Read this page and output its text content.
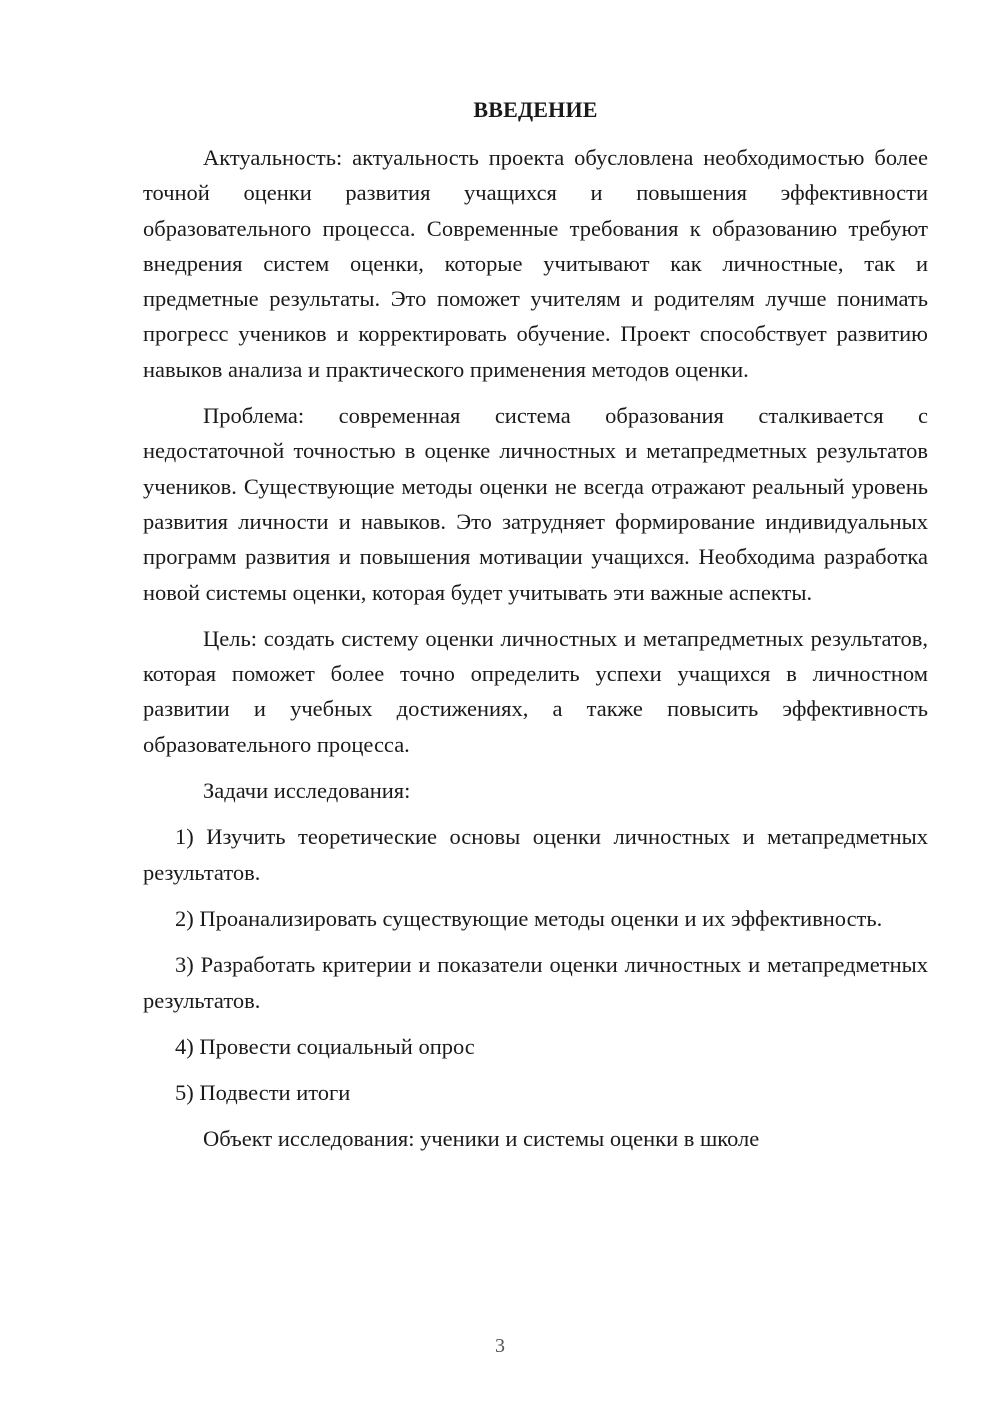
ВВЕДЕНИЕ

Актуальность: актуальность проекта обусловлена необходимостью более точной оценки развития учащихся и повышения эффективности образовательного процесса. Современные требования к образованию требуют внедрения систем оценки, которые учитывают как личностные, так и предметные результаты. Это поможет учителям и родителям лучше понимать прогресс учеников и корректировать обучение. Проект способствует развитию навыков анализа и практического применения методов оценки.

Проблема: современная система образования сталкивается с недостаточной точностью в оценке личностных и метапредметных результатов учеников. Существующие методы оценки не всегда отражают реальный уровень развития личности и навыков. Это затрудняет формирование индивидуальных программ развития и повышения мотивации учащихся. Необходима разработка новой системы оценки, которая будет учитывать эти важные аспекты.

Цель: создать систему оценки личностных и метапредметных результатов, которая поможет более точно определить успехи учащихся в личностном развитии и учебных достижениях, а также повысить эффективность образовательного процесса.

Задачи исследования:

1) Изучить теоретические основы оценки личностных и метапредметных результатов.

2) Проанализировать существующие методы оценки и их эффективность.

3) Разработать критерии и показатели оценки личностных и метапредметных результатов.

4) Провести социальный опрос

5) Подвести итоги

Объект исследования: ученики и системы оценки в школе

3
